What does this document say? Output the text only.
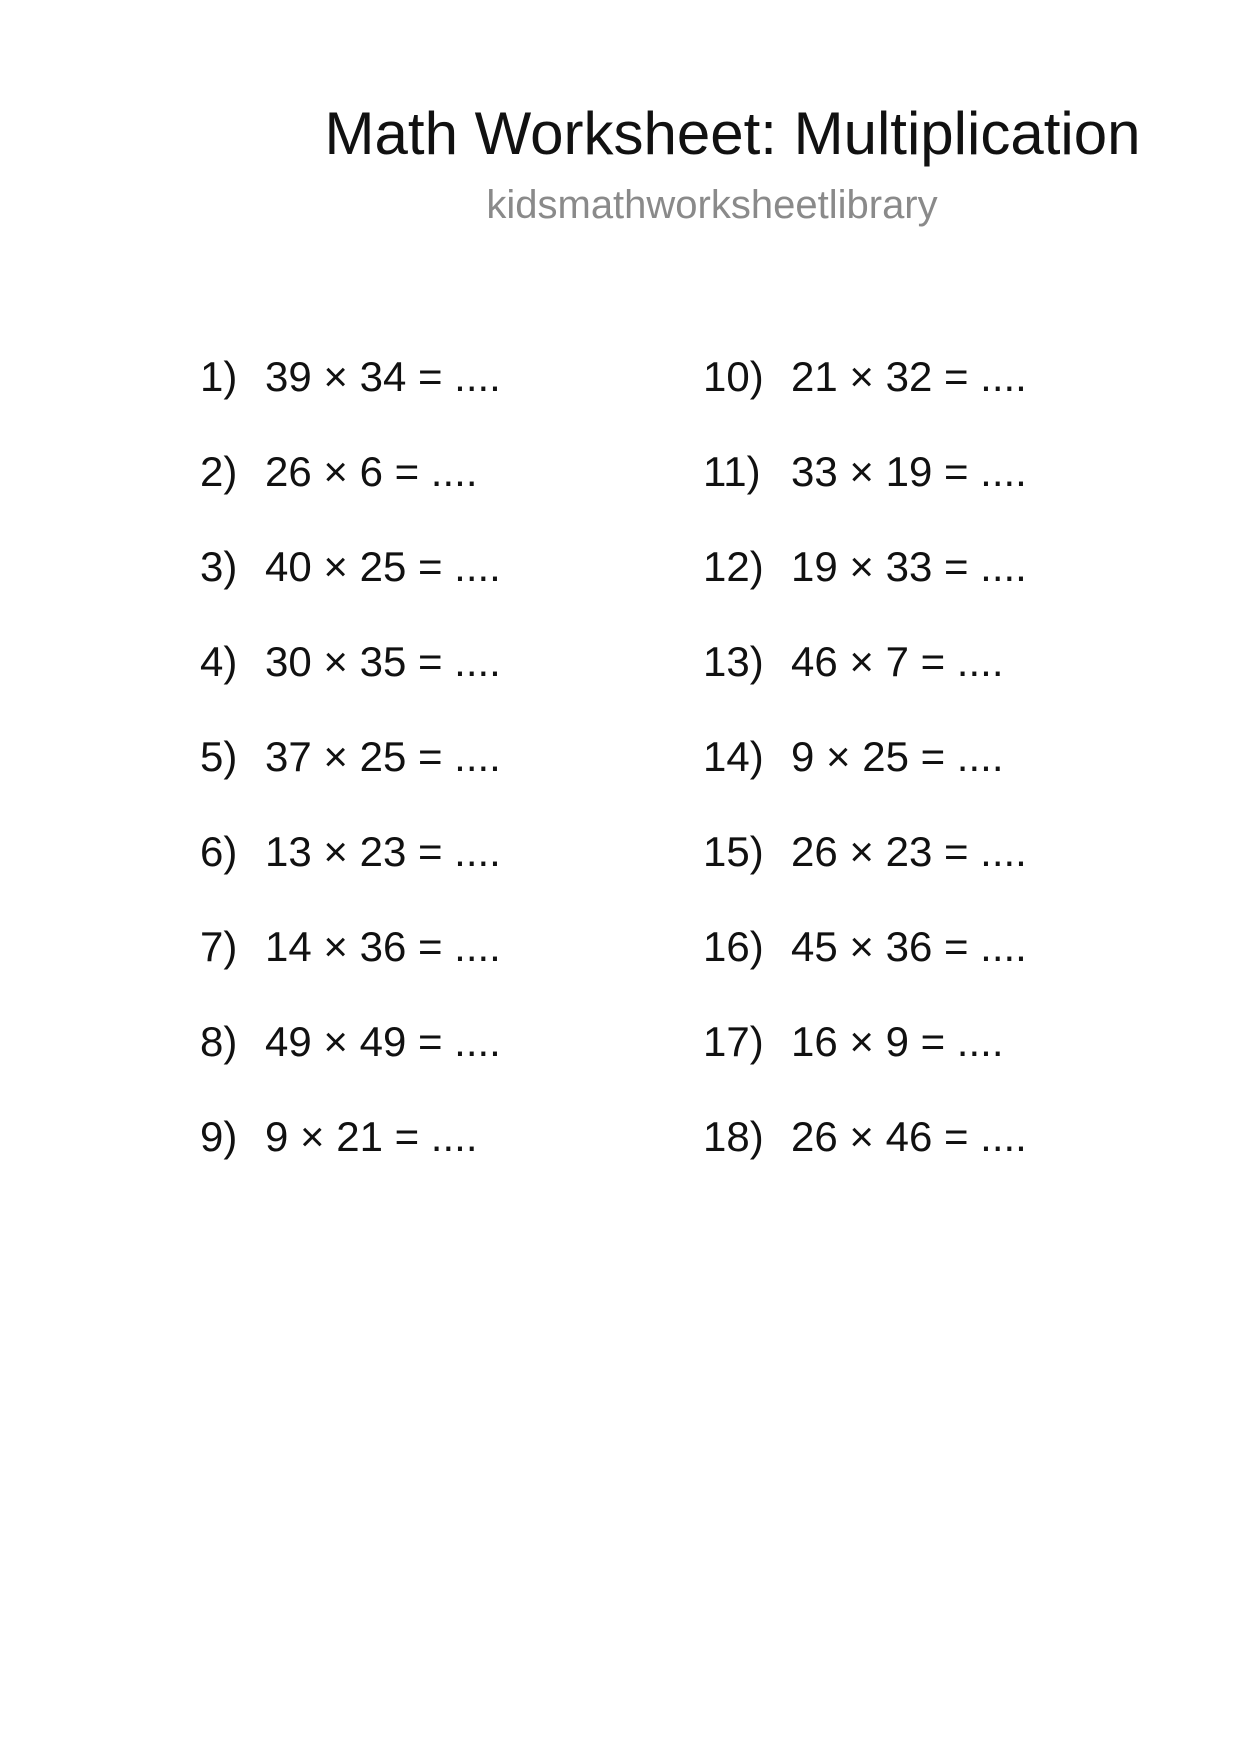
Math Worksheet: Multiplication
kidsmathworksheetlibrary
1) 39 × 34 = ....
2) 26 × 6 = ....
3) 40 × 25 = ....
4) 30 × 35 = ....
5) 37 × 25 = ....
6) 13 × 23 = ....
7) 14 × 36 = ....
8) 49 × 49 = ....
9) 9 × 21 = ....
10) 21 × 32 = ....
11) 33 × 19 = ....
12) 19 × 33 = ....
13) 46 × 7 = ....
14) 9 × 25 = ....
15) 26 × 23 = ....
16) 45 × 36 = ....
17) 16 × 9 = ....
18) 26 × 46 = ....
